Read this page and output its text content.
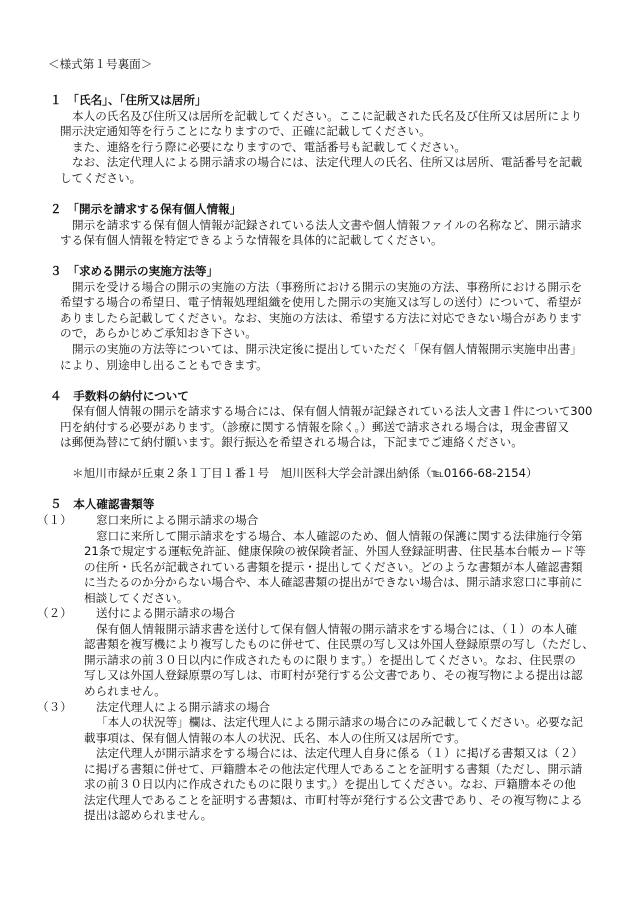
＜様式第１号裏面＞
１　「氏名」、「住所又は居所」
本人の氏名及び住所又は居所を記載してください。ここに記載された氏名及び住所又は居所により
開示決定通知等を行うことになりますので、正確に記載してください。
また、連絡を行う際に必要になりますので、電話番号も記載してください。
なお、法定代理人による開示請求の場合には、法定代理人の氏名、住所又は居所、電話番号を記載
してください。
２　「開示を請求する保有個人情報」
開示を請求する保有個人情報が記録されている法人文書や個人情報ファイルの名称など、開示請求
する保有個人情報を特定できるような情報を具体的に記載してください。
３　「求める開示の実施方法等」
開示を受ける場合の開示の実施の方法（事務所における開示の実施の方法、事務所における開示を
希望する場合の希望日、電子情報処理組織を使用した開示の実施又は写しの送付）について、希望が
ありましたら記載してください。なお、実施の方法は、希望する方法に対応できない場合があります
ので，あらかじめご承知おき下さい。
開示の実施の方法等については、開示決定後に提出していただく「保有個人情報開示実施申出書」
により、別途申し出ることもできます。
４　手数料の納付について
保有個人情報の開示を請求する場合には、保有個人情報が記録されている法人文書１件について300
円を納付する必要があります。（診療に関する情報を除く。）郵送で請求される場合は，現金書留又
は郵便為替にて納付願います。銀行振込を希望される場合は，下記までご連絡ください。
＊旭川市緑が丘東２条１丁目１番１号　旭川医科大学会計課出納係（℡0166-68-2154）
５　本人確認書類等
（１） 窓口来所による開示請求の場合
窓口に来所して開示請求をする場合、本人確認のため、個人情報の保護に関する法律施行令第
21条で規定する運転免許証、健康保険の被保険者証、外国人登録証明書、住民基本台帳カード等
の住所・氏名が記載されている書類を提示・提出してください。どのような書類が本人確認書類
に当たるのか分からない場合や、本人確認書類の提出ができない場合は、開示請求窓口に事前に
相談してください。
（２） 送付による開示請求の場合
保有個人情報開示請求書を送付して保有個人情報の開示請求をする場合には、（１）の本人確
認書類を複写機により複写したものに併せて、住民票の写し又は外国人登録原票の写し（ただし、
開示請求の前３０日以内に作成されたものに限ります。）を提出してください。なお、住民票の
写し又は外国人登録原票の写しは、市町村が発行する公文書であり、その複写物による提出は認
められません。
（３） 法定代理人による開示請求の場合
「本人の状況等」欄は、法定代理人による開示請求の場合にのみ記載してください。必要な記
載事項は、保有個人情報の本人の状況、氏名、本人の住所又は居所です。
法定代理人が開示請求をする場合には、法定代理人自身に係る（１）に掲げる書類又は（２）
に掲げる書類に併せて、戸籍謄本その他法定代理人であることを証明する書類（ただし、開示請
求の前３０日以内に作成されたものに限ります。）を提出してください。なお、戸籍謄本その他
法定代理人であることを証明する書類は、市町村等が発行する公文書であり、その複写物による
提出は認められません。
